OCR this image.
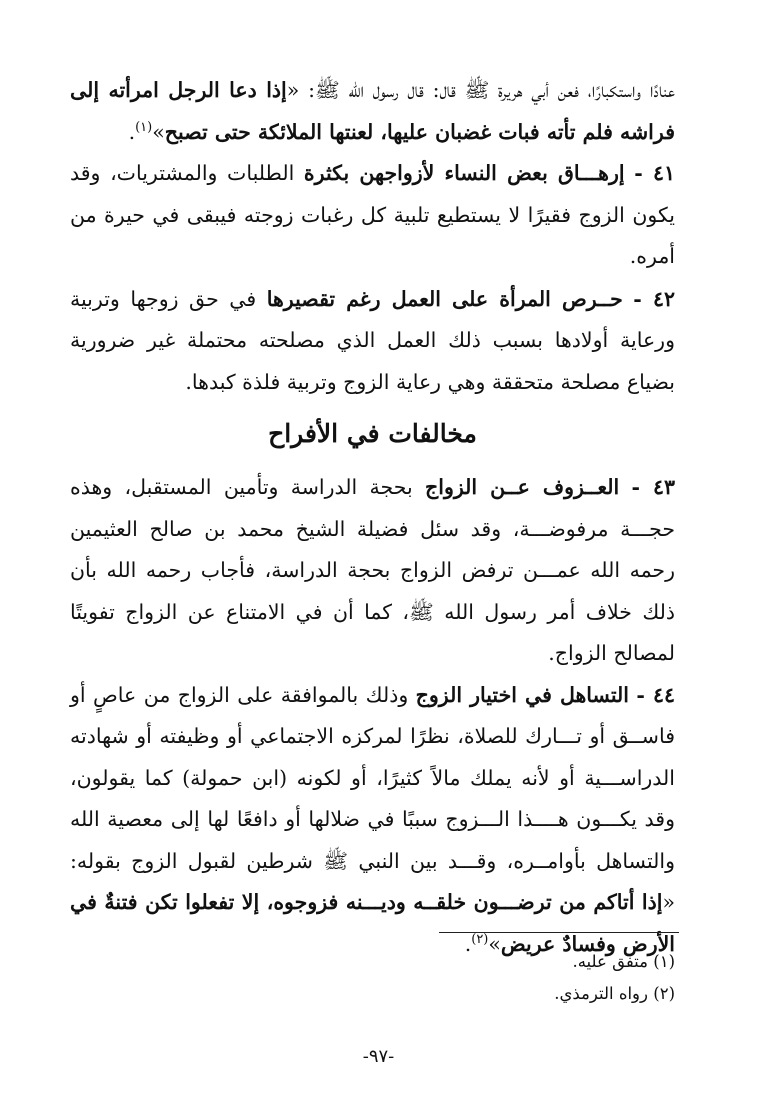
عنادًا واستكبارًا، فعن أبي هريرة ﷺ قال: قال رسول الله ﷺ: «إذا دعا الرجل امرأته إلى فراشه فلم تأته فبات غضبان عليها، لعنتها الملائكة حتى تصبح»$^{(١)}$.

٤١ - إرهـــاق بعض النساء لأزواجهن بكثرة الطلبات والمشتريات، وقد يكون الزوج فقيرًا لا يستطيع تلبية كل رغبات زوجته فيبقى في حيرة من أمره.

٤٢ - حــرص المرأة على العمل رغم تقصيرها في حق زوجها وتربية ورعاية أولادها بسبب ذلك العمل الذي مصلحته محتملة غير ضرورية بضياع مصلحة متحققة وهي رعاية الزوج وتربية فلذة كبدها.

مخالفات في الأفراح

٤٣ - العــزوف عــن الزواج بحجة الدراسة وتأمين المستقبل، وهذه حجـــة مرفوضـــة، وقد سئل فضيلة الشيخ محمد بن صالح العثيمين رحمه الله عمـــن ترفض الزواج بحجة الدراسة، فأجاب رحمه الله بأن ذلك خلاف أمر رسول الله ﷺ، كما أن في الامتناع عن الزواج تفويتًا لمصالح الزواج.

٤٤ - التساهل في اختيار الزوج وذلك بالموافقة على الزواج من عاصٍ أو فاســق أو تـــارك للصلاة، نظرًا لمركزه الاجتماعي أو وظيفته أو شهادته الدراســـية أو لأنه يملك مالاً كثيرًا، أو لكونه (ابن حمولة) كما يقولون، وقد يكـــون هــــذا الـــزوج سببًا في ضلالها أو دافعًا لها إلى معصية الله والتساهل بأوامــره، وقـــد بين النبي ﷺ شرطين لقبول الزوج بقوله: «إذا أتاكم من ترضـــون خلقــه وديـــنه فزوجوه، إلا تفعلوا تكن فتنةٌ في الأرض وفسادٌ عريض»$^{(٢)}$.

(١) متفق عليه.
(٢) رواه الترمذي.
-٩٧-
